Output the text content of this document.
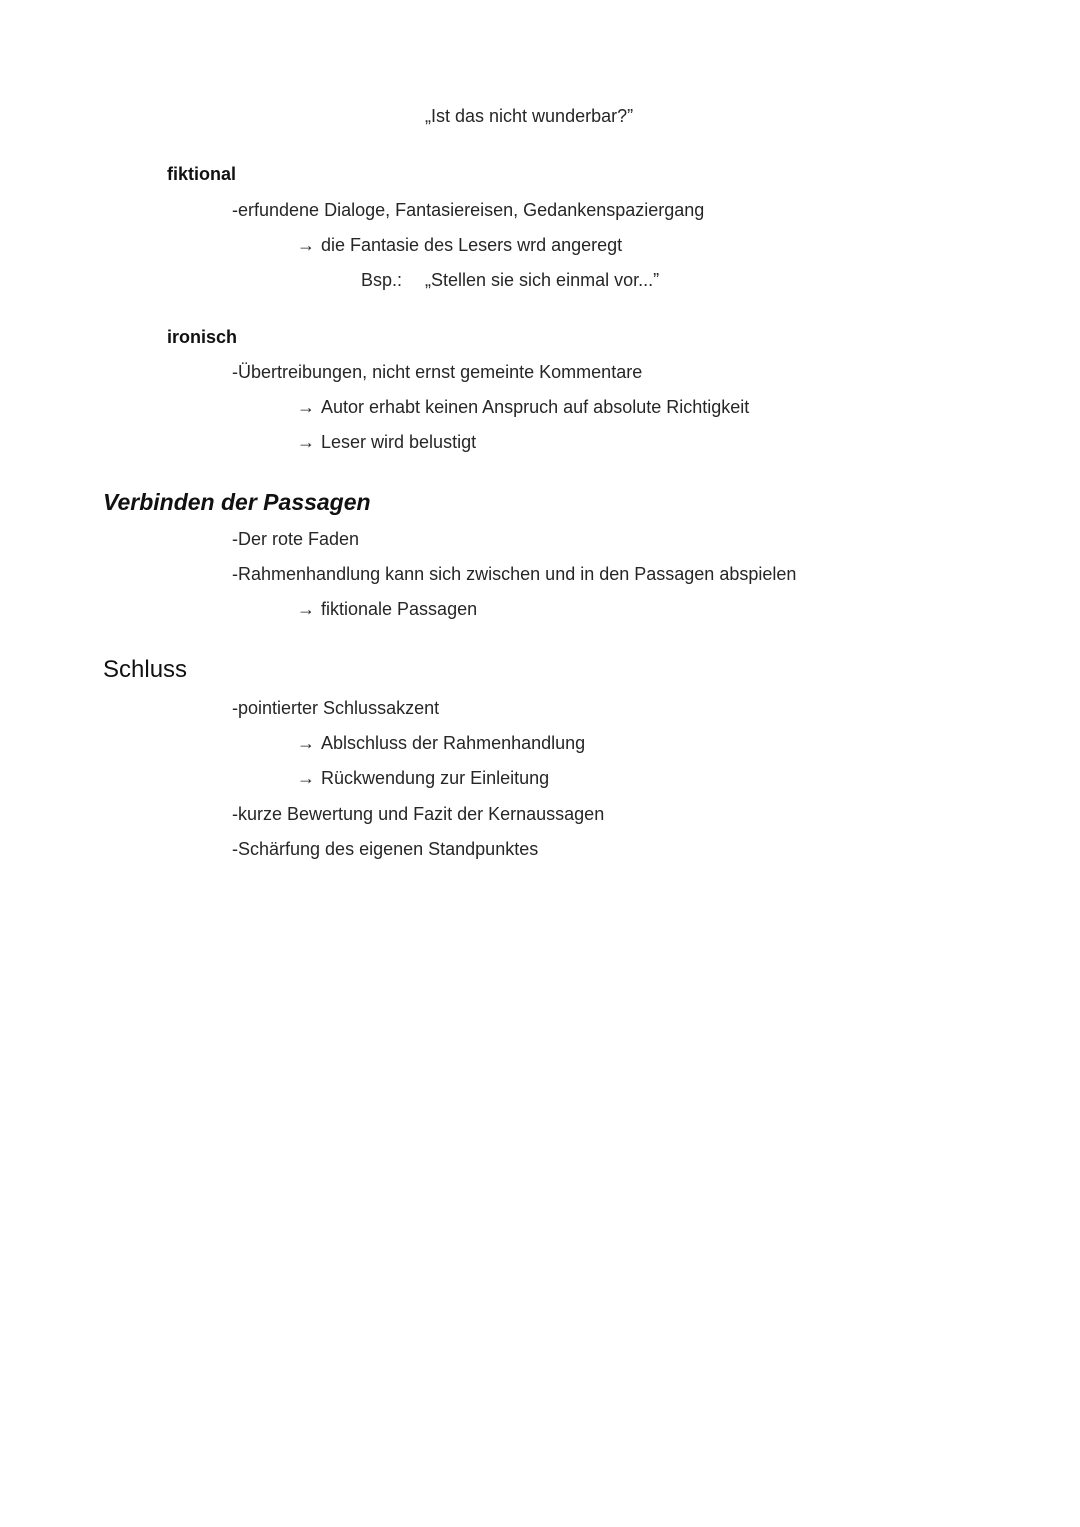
„Ist das nicht wunderbar?”
fiktional
-erfundene Dialoge, Fantasiereisen, Gedankenspaziergang
→ die Fantasie des Lesers wrd angeregt
Bsp.: „Stellen sie sich einmal vor...”
ironisch
-Übertreibungen, nicht ernst gemeinte Kommentare
→ Autor erhabt keinen Anspruch auf absolute Richtigkeit
→ Leser wird belustigt
Verbinden der Passagen
-Der rote Faden
-Rahmenhandlung kann sich zwischen und in den Passagen abspielen
→ fiktionale Passagen
Schluss
-pointierter Schlussakzent
→ Ablschluss der Rahmenhandlung
→ Rückwendung zur Einleitung
-kurze Bewertung und Fazit der Kernaussagen
-Schärfung des eigenen Standpunktes
